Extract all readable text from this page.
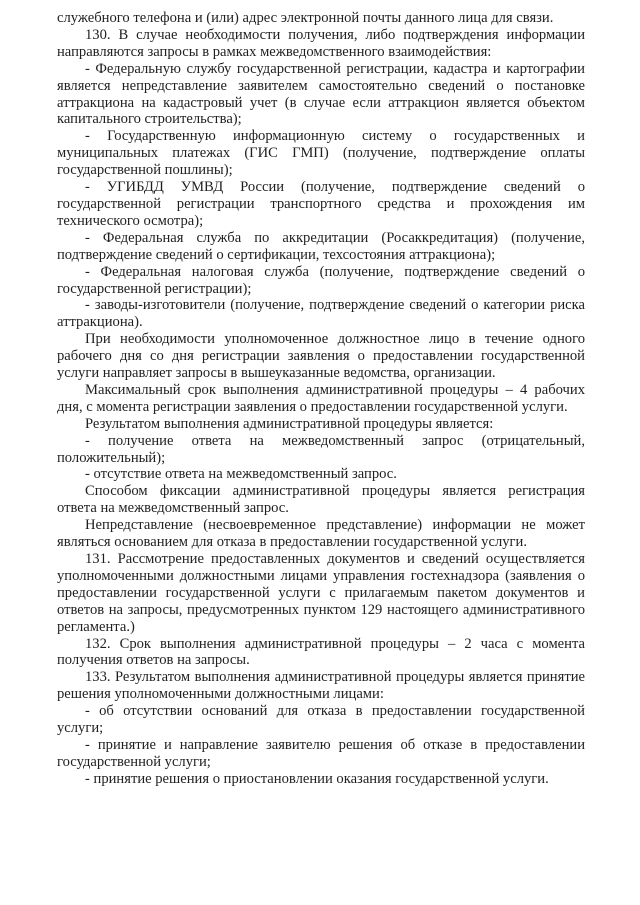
служебного телефона и (или) адрес электронной почты данного лица для связи.

130. В случае необходимости получения, либо подтверждения информации направляются запросы в рамках межведомственного взаимодействия:

- Федеральную службу государственной регистрации, кадастра и картографии является непредставление заявителем самостоятельно сведений о постановке аттракциона на кадастровый учет (в случае если аттракцион является объектом капитального строительства);

- Государственную информационную систему о государственных и муниципальных платежах (ГИС ГМП) (получение, подтверждение оплаты государственной пошлины);

- УГИБДД УМВД России (получение, подтверждение сведений о государственной регистрации транспортного средства и прохождения им технического осмотра);

- Федеральная служба по аккредитации (Росаккредитация) (получение, подтверждение сведений о сертификации, техсостояния аттракциона);

- Федеральная налоговая служба (получение, подтверждение сведений о государственной регистрации);

- заводы-изготовители (получение, подтверждение сведений о категории риска аттракциона).

При необходимости уполномоченное должностное лицо в течение одного рабочего дня со дня регистрации заявления о предоставлении государственной услуги направляет запросы в вышеуказанные ведомства, организации.

Максимальный срок выполнения административной процедуры – 4 рабочих дня, с момента регистрации заявления о предоставлении государственной услуги.

Результатом выполнения административной процедуры является:

- получение ответа на межведомственный запрос (отрицательный, положительный);

- отсутствие ответа на межведомственный запрос.

Способом фиксации административной процедуры является регистрация ответа на межведомственный запрос.

Непредставление (несвоевременное представление) информации не может являться основанием для отказа в предоставлении государственной услуги.

131. Рассмотрение предоставленных документов и сведений осуществляется уполномоченными должностными лицами управления гостехнадзора (заявления о предоставлении государственной услуги с прилагаемым пакетом документов и ответов на запросы, предусмотренных пунктом 129 настоящего административного регламента.)

132. Срок выполнения административной процедуры – 2 часа с момента получения ответов на запросы.

133. Результатом выполнения административной процедуры является принятие решения уполномоченными должностными лицами:

- об отсутствии оснований для отказа в предоставлении государственной услуги;

- принятие и направление заявителю решения об отказе в предоставлении государственной услуги;

- принятие решения о приостановлении оказания государственной услуги.
